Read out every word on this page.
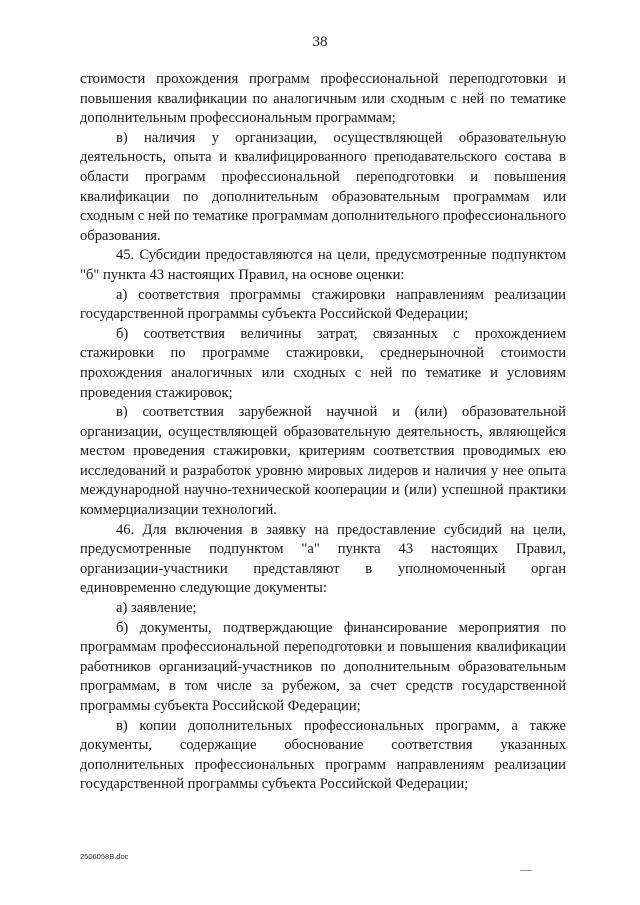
38

стоимости прохождения программ профессиональной переподготовки и повышения квалификации по аналогичным или сходным с ней по тематике дополнительным профессиональным программам;

в) наличия у организации, осуществляющей образовательную деятельность, опыта и квалифицированного преподавательского состава в области программ профессиональной переподготовки и повышения квалификации по дополнительным образовательным программам или сходным с ней по тематике программам дополнительного профессионального образования.

45. Субсидии предоставляются на цели, предусмотренные подпунктом "б" пункта 43 настоящих Правил, на основе оценки:

а) соответствия программы стажировки направлениям реализации государственной программы субъекта Российской Федерации;

б) соответствия величины затрат, связанных с прохождением стажировки по программе стажировки, среднерыночной стоимости прохождения аналогичных или сходных с ней по тематике и условиям проведения стажировок;

в) соответствия зарубежной научной и (или) образовательной организации, осуществляющей образовательную деятельность, являющейся местом проведения стажировки, критериям соответствия проводимых ею исследований и разработок уровню мировых лидеров и наличия у нее опыта международной научно-технической кооперации и (или) успешной практики коммерциализации технологий.

46. Для включения в заявку на предоставление субсидий на цели, предусмотренные подпунктом "а" пункта 43 настоящих Правил, организации-участники представляют в уполномоченный орган единовременно следующие документы:

а) заявление;

б) документы, подтверждающие финансирование мероприятия по программам профессиональной переподготовки и повышения квалификации работников организаций-участников по дополнительным образовательным программам, в том числе за рубежом, за счет средств государственной программы субъекта Российской Федерации;

в) копии дополнительных профессиональных программ, а также документы, содержащие обоснование соответствия указанных дополнительных профессиональных программ направлениям реализации государственной программы субъекта Российской Федерации;

2506058B.doc
